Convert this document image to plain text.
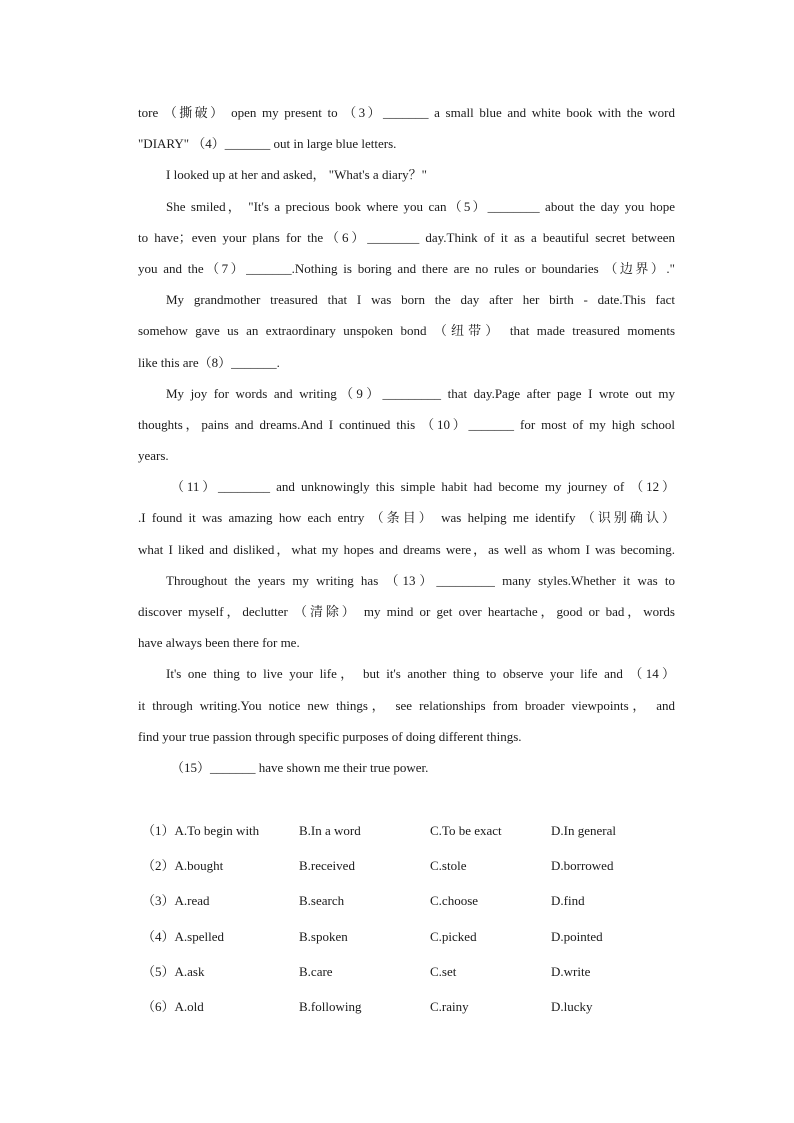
tore （撕破） open my present to （3）_______ a small blue and white book with the word
"DIARY" （4）_______ out in large blue letters.
I looked up at her and asked， "What's a diary？"
She smiled， "It's a precious book where you can（5）________ about the day you hope
to have；even your plans for the（6）________ day.Think of it as a beautiful secret between
you and the（7）_______.Nothing is boring and there are no rules or boundaries （边界）."
My grandmother treasured that I was born the day after her birth - date.This fact
somehow gave us an extraordinary unspoken bond （纽带） that made treasured moments
like this are（8）_______.
My joy for words and writing（9）_________ that day.Page after page I wrote out my
thoughts，pains and dreams.And I continued this （10）_______ for most of my high school
years.
（11）________ and unknowingly this simple habit had become my journey of （12）
.I found it was amazing how each entry （条目） was helping me identify （识别确认）
what I liked and disliked，what my hopes and dreams were，as well as whom I was becoming.
Throughout the years my writing has （13）_________ many styles.Whether it was to
discover myself，declutter （清除） my mind or get over heartache，good or bad，words
have always been there for me.
It's one thing to live your life， but it's another thing to observe your life and （14）
it through writing.You notice new things， see relationships from broader viewpoints， and
find your true passion through specific purposes of doing different things.
（15）_______ have shown me their true power.
（1）A.To begin with	B.In a word	C.To be exact	D.In general
（2）A.bought	B.received	C.stole	D.borrowed
（3）A.read	B.search	C.choose	D.find
（4）A.spelled	B.spoken	C.picked	D.pointed
（5）A.ask	B.care	C.set	D.write
（6）A.old	B.following	C.rainy	D.lucky
